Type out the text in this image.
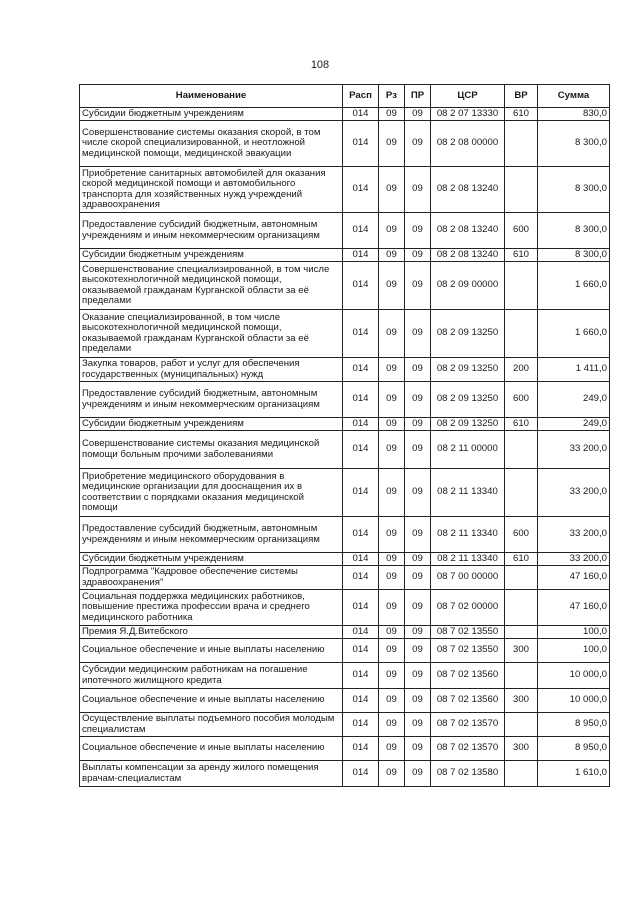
108
Наименование	Расп	Рз	ПР	ЦСР	ВР	Сумма
Субсидии бюджетным учреждениям	014	09	09	08 2 07 13330	610	830,0
Совершенствование системы оказания скорой, в том числе скорой специализированной, и неотложной медицинской помощи, медицинской эвакуации	014	09	09	08 2 08 00000		8 300,0
Приобретение санитарных автомобилей для оказания скорой медицинской помощи и автомобильного транспорта для хозяйственных нужд учреждений здравоохранения	014	09	09	08 2 08 13240		8 300,0
Предоставление субсидий бюджетным, автономным учреждениям и иным некоммерческим организациям	014	09	09	08 2 08 13240	600	8 300,0
Субсидии бюджетным учреждениям	014	09	09	08 2 08 13240	610	8 300,0
Совершенствование специализированной, в том числе высокотехнологичной медицинской помощи, оказываемой гражданам Курганской области за её пределами	014	09	09	08 2 09 00000		1 660,0
Оказание специализированной, в том числе высокотехнологичной медицинской помощи, оказываемой гражданам Курганской области за её пределами	014	09	09	08 2 09 13250		1 660,0
Закупка товаров, работ и услуг для обеспечения государственных (муниципальных) нужд	014	09	09	08 2 09 13250	200	1 411,0
Предоставление субсидий бюджетным, автономным учреждениям и иным некоммерческим организациям	014	09	09	08 2 09 13250	600	249,0
Субсидии бюджетным учреждениям	014	09	09	08 2 09 13250	610	249,0
Совершенствование системы оказания медицинской помощи больным прочими заболеваниями	014	09	09	08 2 11 00000		33 200,0
Приобретение медицинского оборудования в медицинские организации для дооснащения их в соответствии с порядками оказания медицинской помощи	014	09	09	08 2 11 13340		33 200,0
Предоставление субсидий бюджетным, автономным учреждениям и иным некоммерческим организациям	014	09	09	08 2 11 13340	600	33 200,0
Субсидии бюджетным учреждениям	014	09	09	08 2 11 13340	610	33 200,0
Подпрограмма "Кадровое обеспечение системы здравоохранения"	014	09	09	08 7 00 00000		47 160,0
Социальная поддержка медицинских работников, повышение престижа профессии врача и среднего медицинского работника	014	09	09	08 7 02 00000		47 160,0
Премия Я.Д.Витебского	014	09	09	08 7 02 13550		100,0
Социальное обеспечение и иные выплаты населению	014	09	09	08 7 02 13550	300	100,0
Субсидии медицинским работникам на погашение ипотечного жилищного кредита	014	09	09	08 7 02 13560		10 000,0
Социальное обеспечение и иные выплаты населению	014	09	09	08 7 02 13560	300	10 000,0
Осуществление выплаты подъемного пособия молодым специалистам	014	09	09	08 7 02 13570		8 950,0
Социальное обеспечение и иные выплаты населению	014	09	09	08 7 02 13570	300	8 950,0
Выплаты компенсации за аренду жилого помещения врачам-специалистам	014	09	09	08 7 02 13580		1 610,0
